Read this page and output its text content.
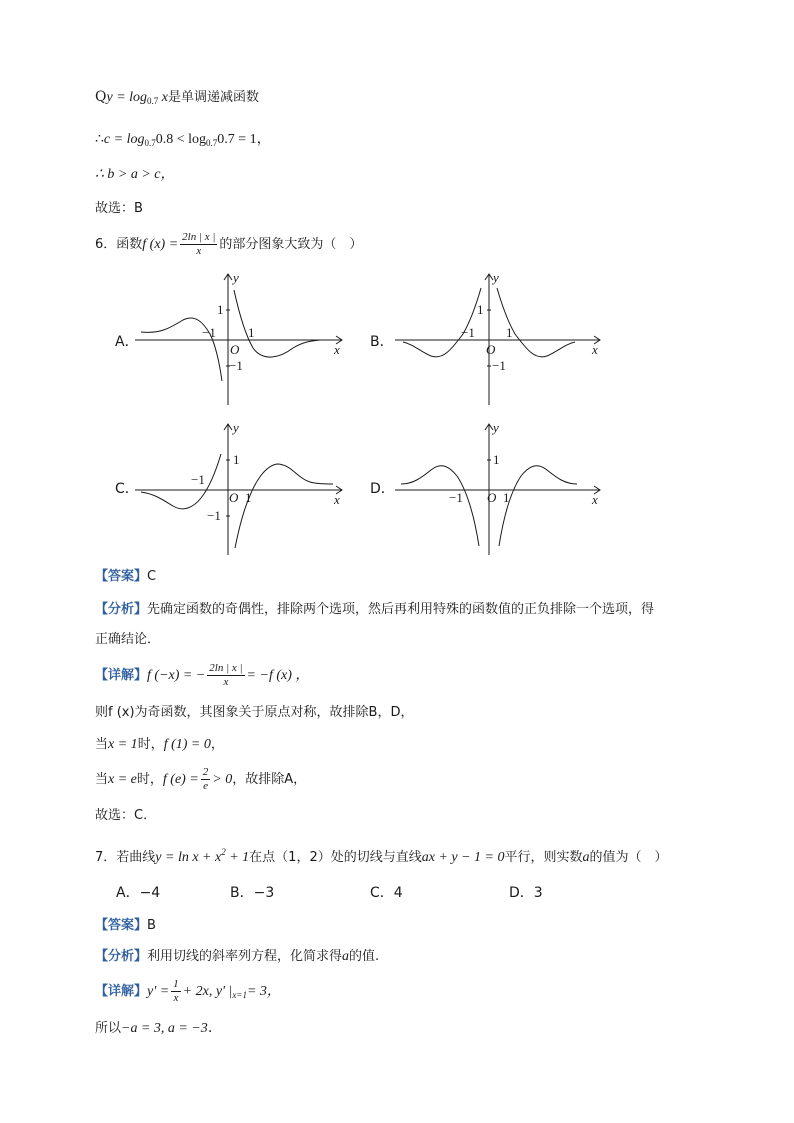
$Qy = \log_{0.7} x$是单调递减函数
∴c = $\log_{0.7}0.8 < \log_{0.7}0.7 = 1$，
∴ b > a > c，
故选：B
6．函数f $(x) = \frac{2\ln | x |}{x}$ 的部分图象大致为（　）
A．	B．
C．	D．
y
x
O
1
−1
−1 1
y
x
O
1
−1
−1 1
y
x
O
1
−1
−1
1
y
x
O
1
−1	1
【答案】C
【分析】先确定函数的奇偶性，排除两个选项，然后再利用特殊的函数值的正负排除一个选项，得
正确结论．
【详解】f (−x) = − $\frac{2\ln | x |}{x} = -f$ (x) ，
则f (x)为奇函数，其图象关于原点对称，故排除B，D，
当x = 1时，f (1) = 0，
当x = e时，f $(e) = \frac{2}{e} > 0$，故排除A，
故选：C．
7．若曲线$y = \ln x + x^2 + 1$在点（1，2）处的切线与直线ax + y − 1 = 0平行，则实数a的值为（　）
A．−4	B．−3	C．4	D．3
【答案】B
【分析】利用切线的斜率列方程，化简求得a的值.
【详解】$y' = \frac{1}{x} + 2x$, y' $|_{x=1}= 3$，
所以−a = 3, a = −3.
